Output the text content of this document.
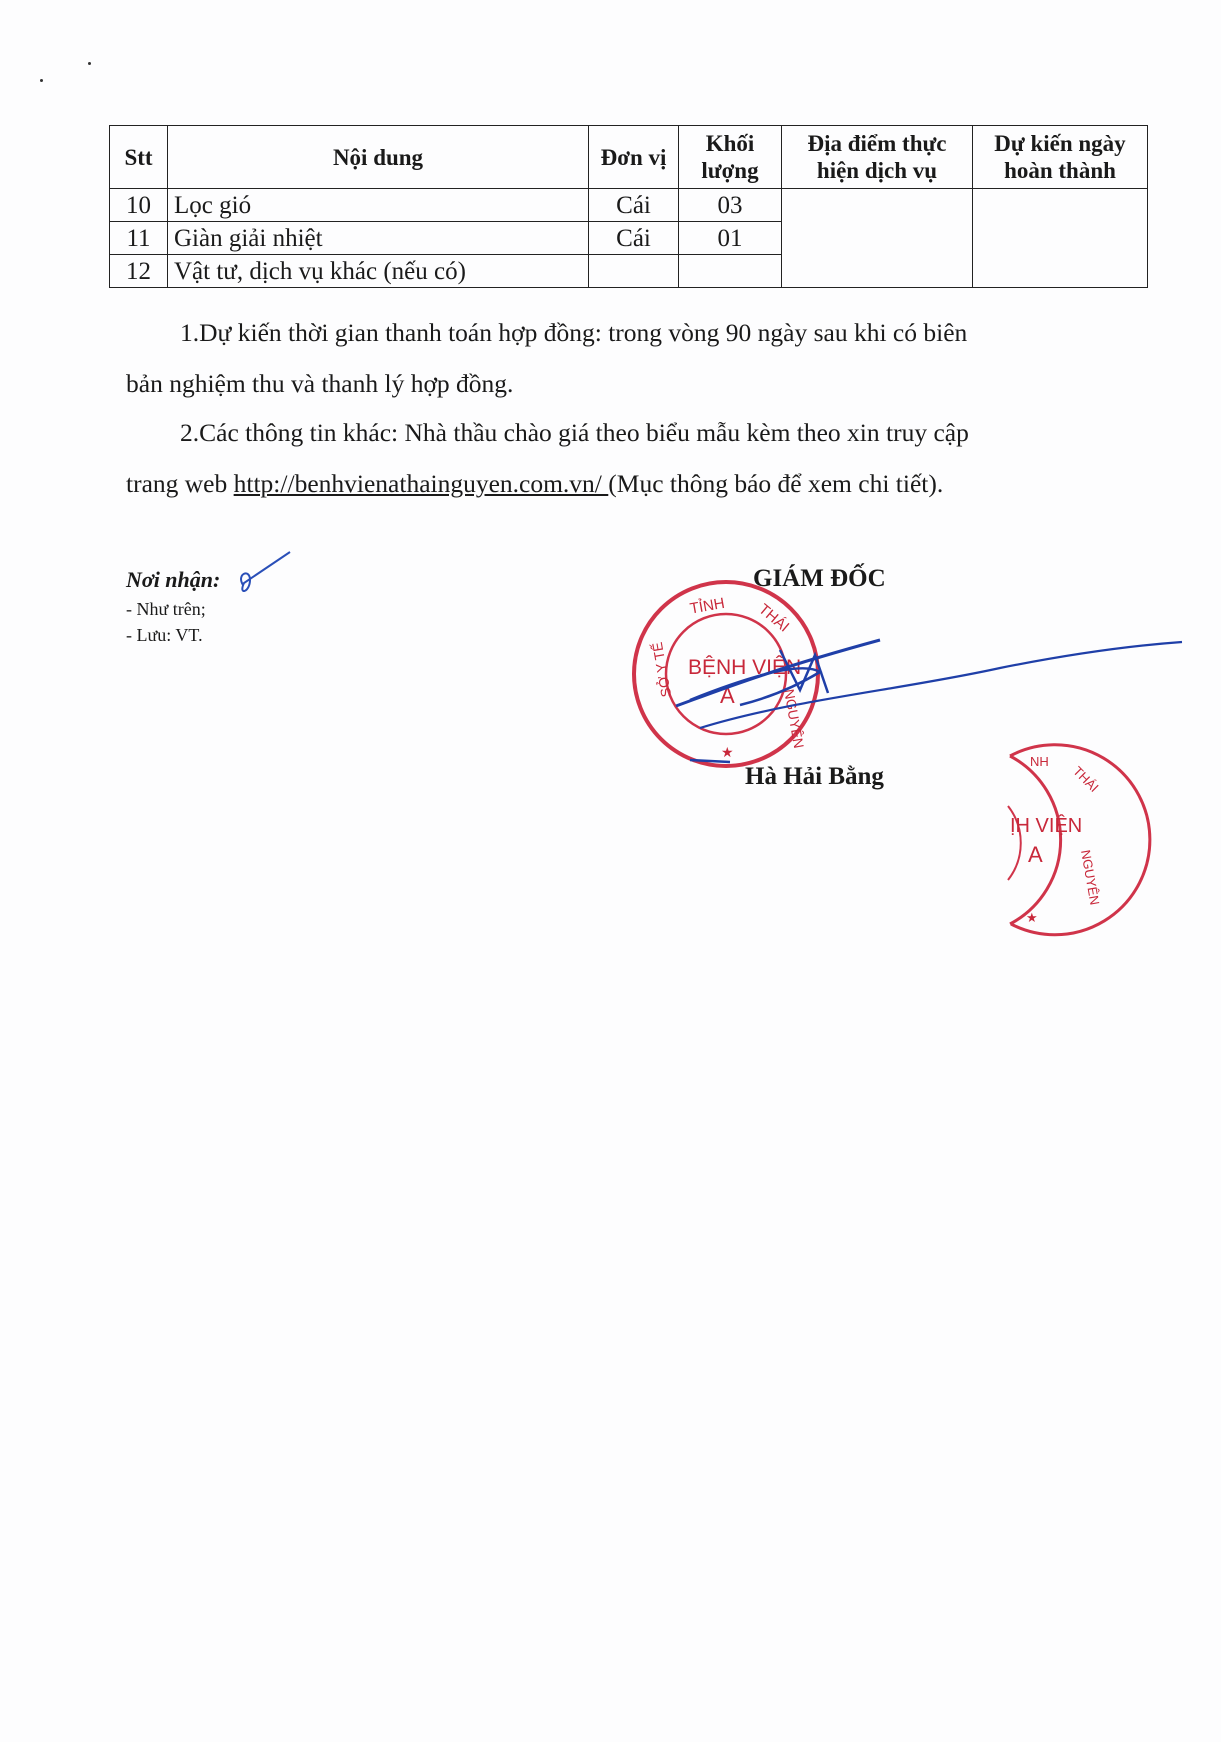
Stt	Nội dung	Đơn vị	Khối lượng	Địa điểm thực hiện dịch vụ	Dự kiến ngày hoàn thành
10	Lọc gió	Cái	03		
11	Giàn giải nhiệt	Cái	01		
12	Vật tư, dịch vụ khác (nếu có)				
1.Dự kiến thời gian thanh toán hợp đồng: trong vòng 90 ngày sau khi có biên
bản nghiệm thu và thanh lý hợp đồng.
2.Các thông tin khác: Nhà thầu chào giá theo biểu mẫu kèm theo xin truy cập
trang web http://benhvienathainguyen.com.vn/ (Mục thông báo để xem chi tiết).
Nơi nhận:
- Như trên;
- Lưu: VT.
GIÁM ĐỐC
Hà Hải Bằng
BỆNH VIỆN
A
TỈNH THÁI
NGUYÊN
SỞ Y TẾ
★
ỊH VIỆN
A
NH
THÁI
NGUYÊN
★
